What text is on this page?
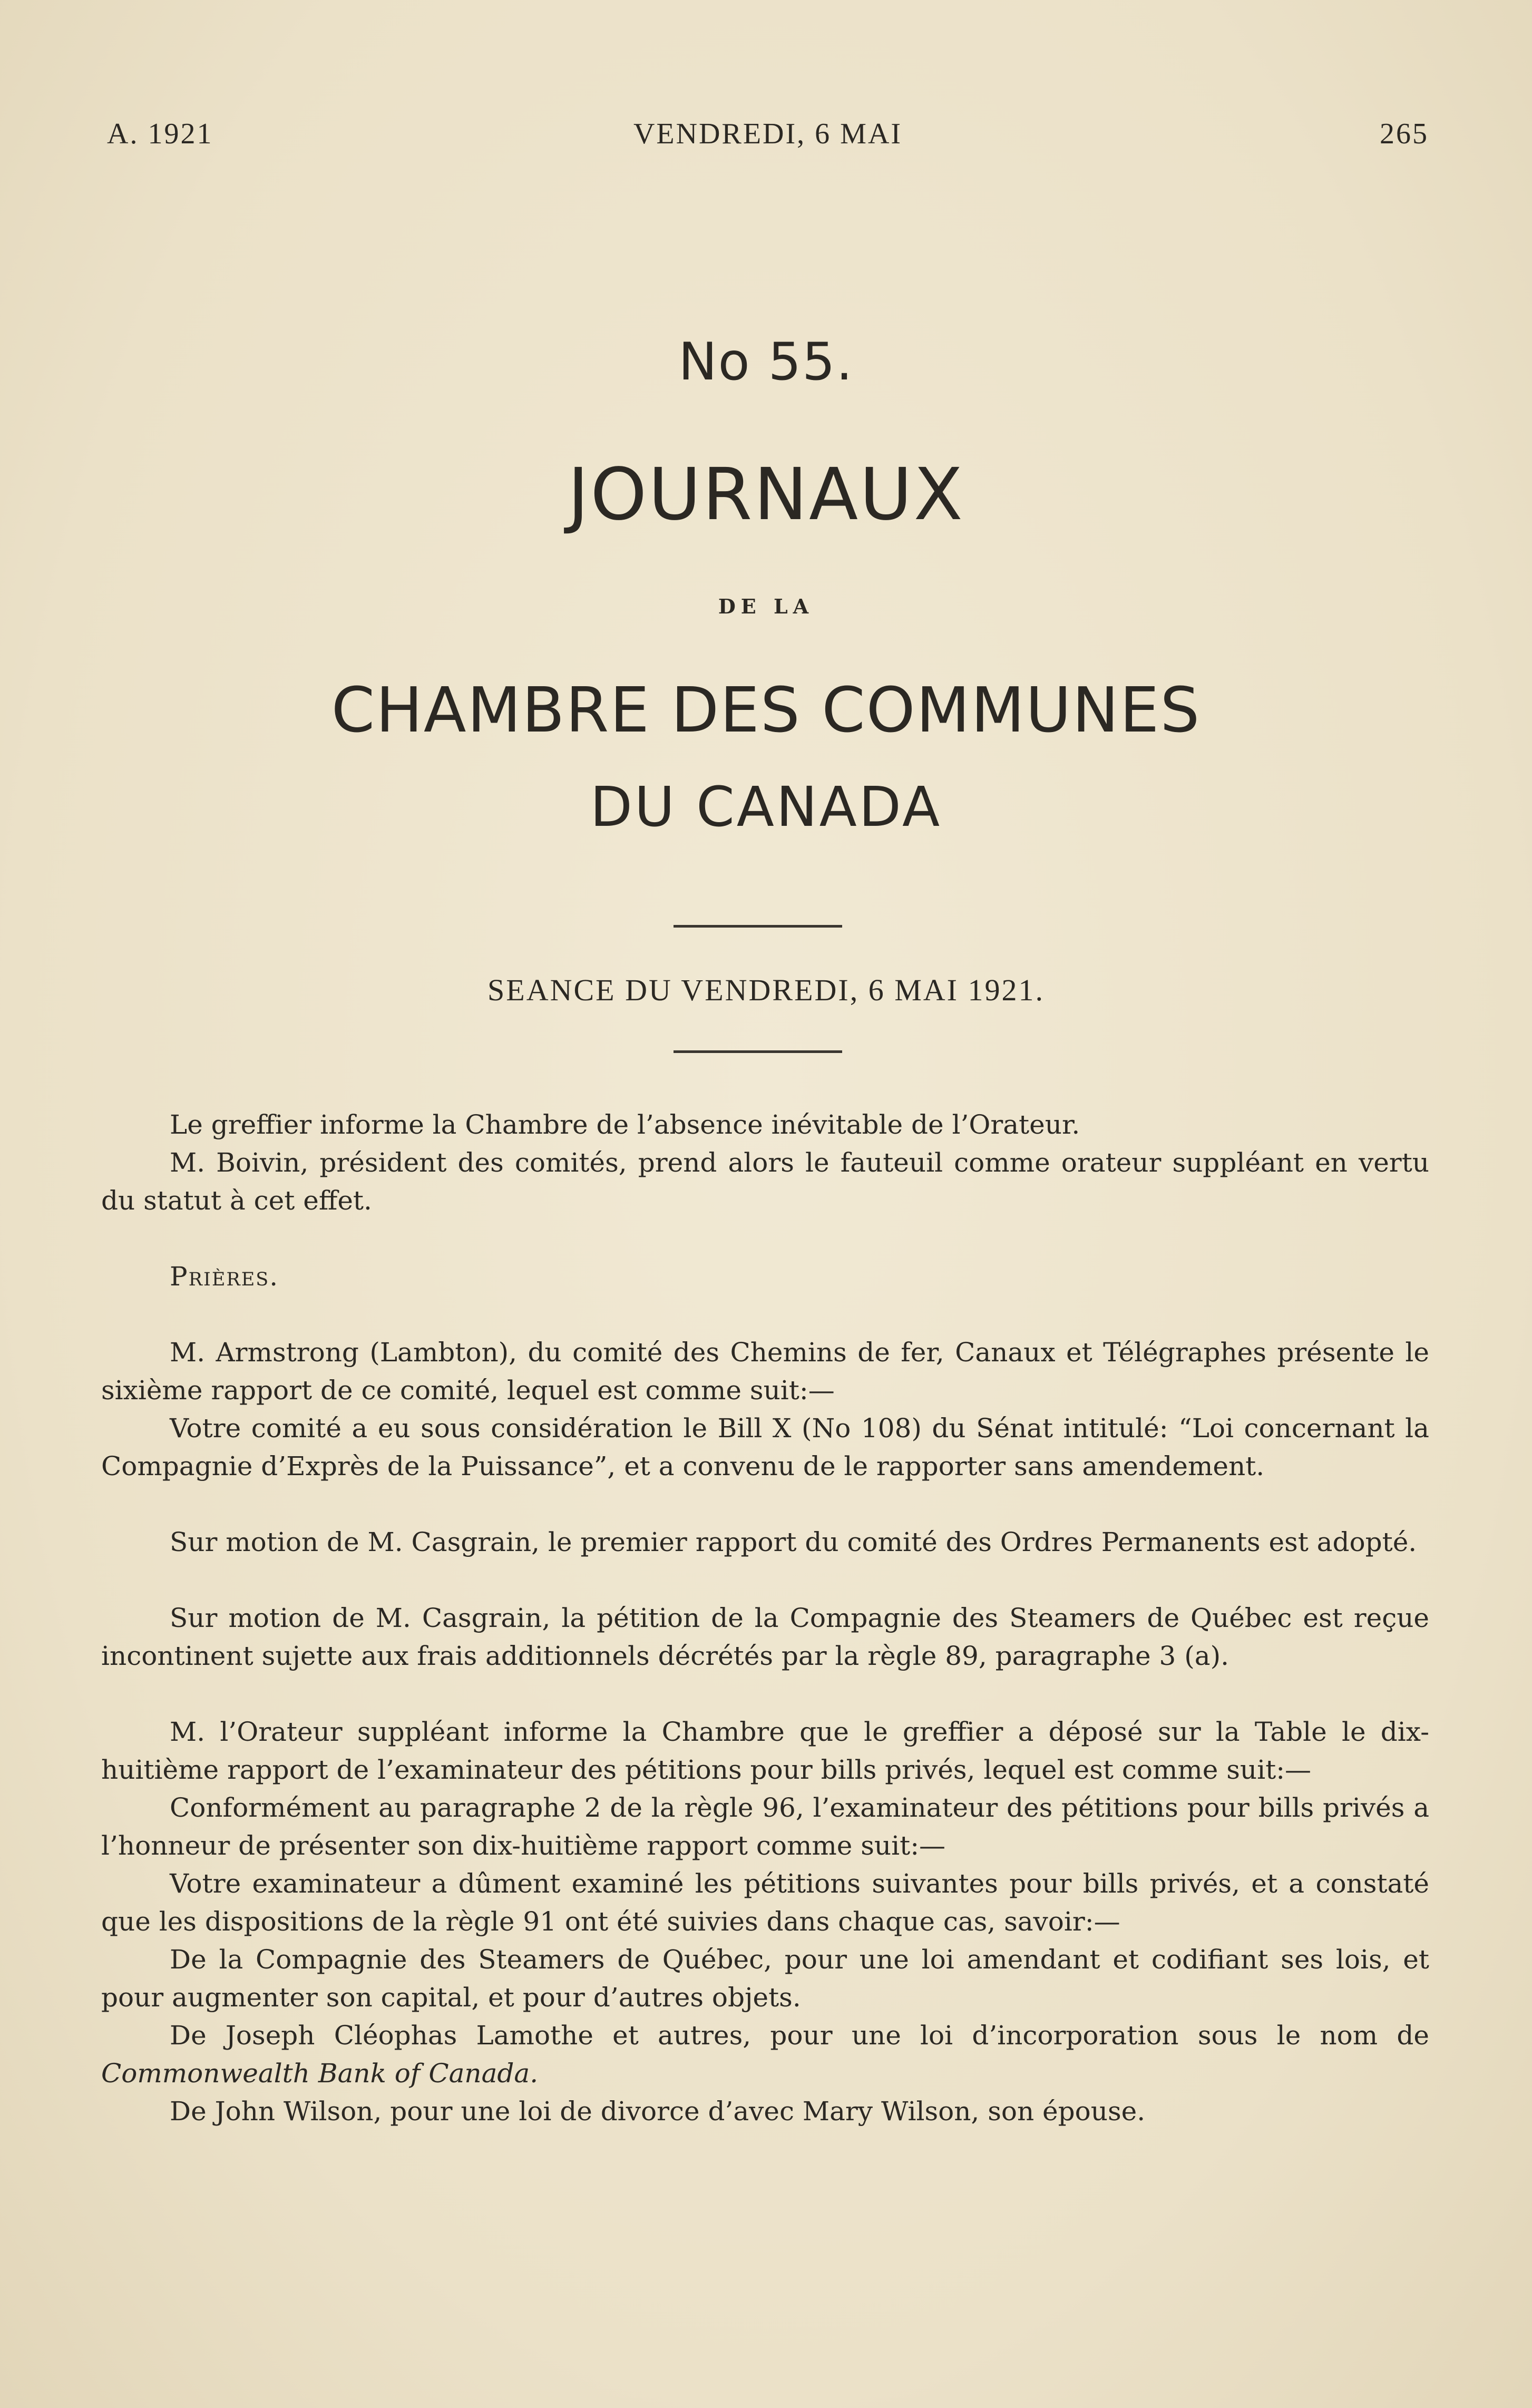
A. 1921	VENDREDI, 6 MAI	265
No 55.
JOURNAUX
DE LA
CHAMBRE DES COMMUNES
DU CANADA
SEANCE DU VENDREDI, 6 MAI 1921.

Le greffier informe la Chambre de l’absence inévitable de l’Orateur.

M. Boivin, président des comités, prend alors le fauteuil comme orateur suppléant en vertu du statut à cet effet.

Prières.

M. Armstrong (Lambton), du comité des Chemins de fer, Canaux et Télégraphes présente le sixième rapport de ce comité, lequel est comme suit:—

Votre comité a eu sous considération le Bill X (No 108) du Sénat intitulé: “Loi concernant la Compagnie d’Exprès de la Puissance”, et a convenu de le rapporter sans amendement.

Sur motion de M. Casgrain, le premier rapport du comité des Ordres Permanents est adopté.

Sur motion de M. Casgrain, la pétition de la Compagnie des Steamers de Québec est reçue incontinent sujette aux frais additionnels décrétés par la règle 89, paragraphe 3 (a).

M. l’Orateur suppléant informe la Chambre que le greffier a déposé sur la Table le dix-huitième rapport de l’examinateur des pétitions pour bills privés, lequel est comme suit:—

Conformément au paragraphe 2 de la règle 96, l’examinateur des pétitions pour bills privés a l’honneur de présenter son dix-huitième rapport comme suit:—

Votre examinateur a dûment examiné les pétitions suivantes pour bills privés, et a constaté que les dispositions de la règle 91 ont été suivies dans chaque cas, savoir:—

De la Compagnie des Steamers de Québec, pour une loi amendant et codifiant ses lois, et pour augmenter son capital, et pour d’autres objets.

De Joseph Cléophas Lamothe et autres, pour une loi d’incorporation sous le nom de Commonwealth Bank of Canada.

De John Wilson, pour une loi de divorce d’avec Mary Wilson, son épouse.
